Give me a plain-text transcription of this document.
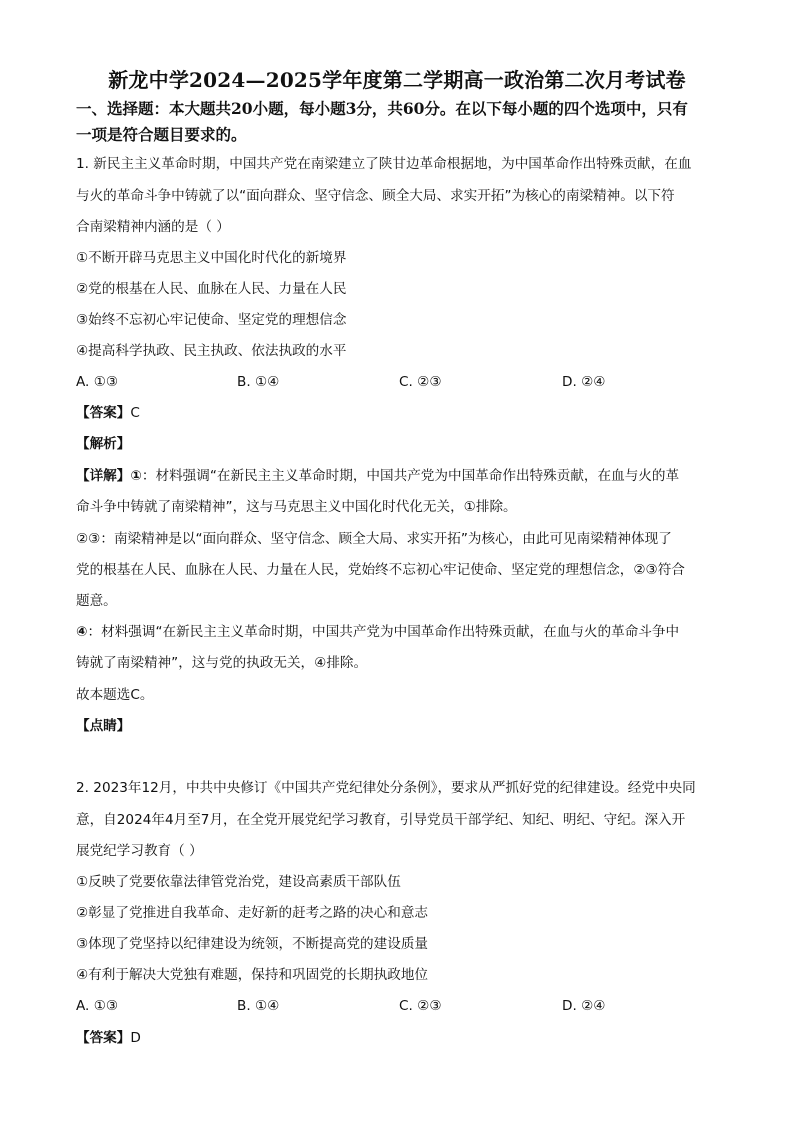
新龙中学2024—2025学年度第二学期高一政治第二次月考试卷
一、选择题：本大题共20小题，每小题3分，共60分。在以下每小题的四个选项中，只有
一项是符合题目要求的。
1. 新民主主义革命时期，中国共产党在南梁建立了陕甘边革命根据地，为中国革命作出特殊贡献，在血
与火的革命斗争中铸就了以“面向群众、坚守信念、顾全大局、求实开拓”为核心的南梁精神。以下符
合南梁精神内涵的是（ ）
①不断开辟马克思主义中国化时代化的新境界
②党的根基在人民、血脉在人民、力量在人民
③始终不忘初心牢记使命、坚定党的理想信念
④提高科学执政、民主执政、依法执政的水平
A. ①③	B. ①④	C. ②③	D. ②④
【答案】C
【解析】
【详解】①：材料强调“在新民主主义革命时期，中国共产党为中国革命作出特殊贡献，在血与火的革
命斗争中铸就了南梁精神”，这与马克思主义中国化时代化无关，①排除。
②③：南梁精神是以“面向群众、坚守信念、顾全大局、求实开拓”为核心，由此可见南梁精神体现了
党的根基在人民、血脉在人民、力量在人民，党始终不忘初心牢记使命、坚定党的理想信念，②③符合
题意。
④：材料强调“在新民主主义革命时期，中国共产党为中国革命作出特殊贡献，在血与火的革命斗争中
铸就了南梁精神”，这与党的执政无关，④排除。
故本题选C。
【点睛】
2. 2023年12月，中共中央修订《中国共产党纪律处分条例》，要求从严抓好党的纪律建设。经党中央同
意，自2024年4月至7月，在全党开展党纪学习教育，引导党员干部学纪、知纪、明纪、守纪。深入开
展党纪学习教育（ ）
①反映了党要依靠法律管党治党，建设高素质干部队伍
②彰显了党推进自我革命、走好新的赶考之路的决心和意志
③体现了党坚持以纪律建设为统领，不断提高党的建设质量
④有利于解决大党独有难题，保持和巩固党的长期执政地位
A. ①③	B. ①④	C. ②③	D. ②④
【答案】D
